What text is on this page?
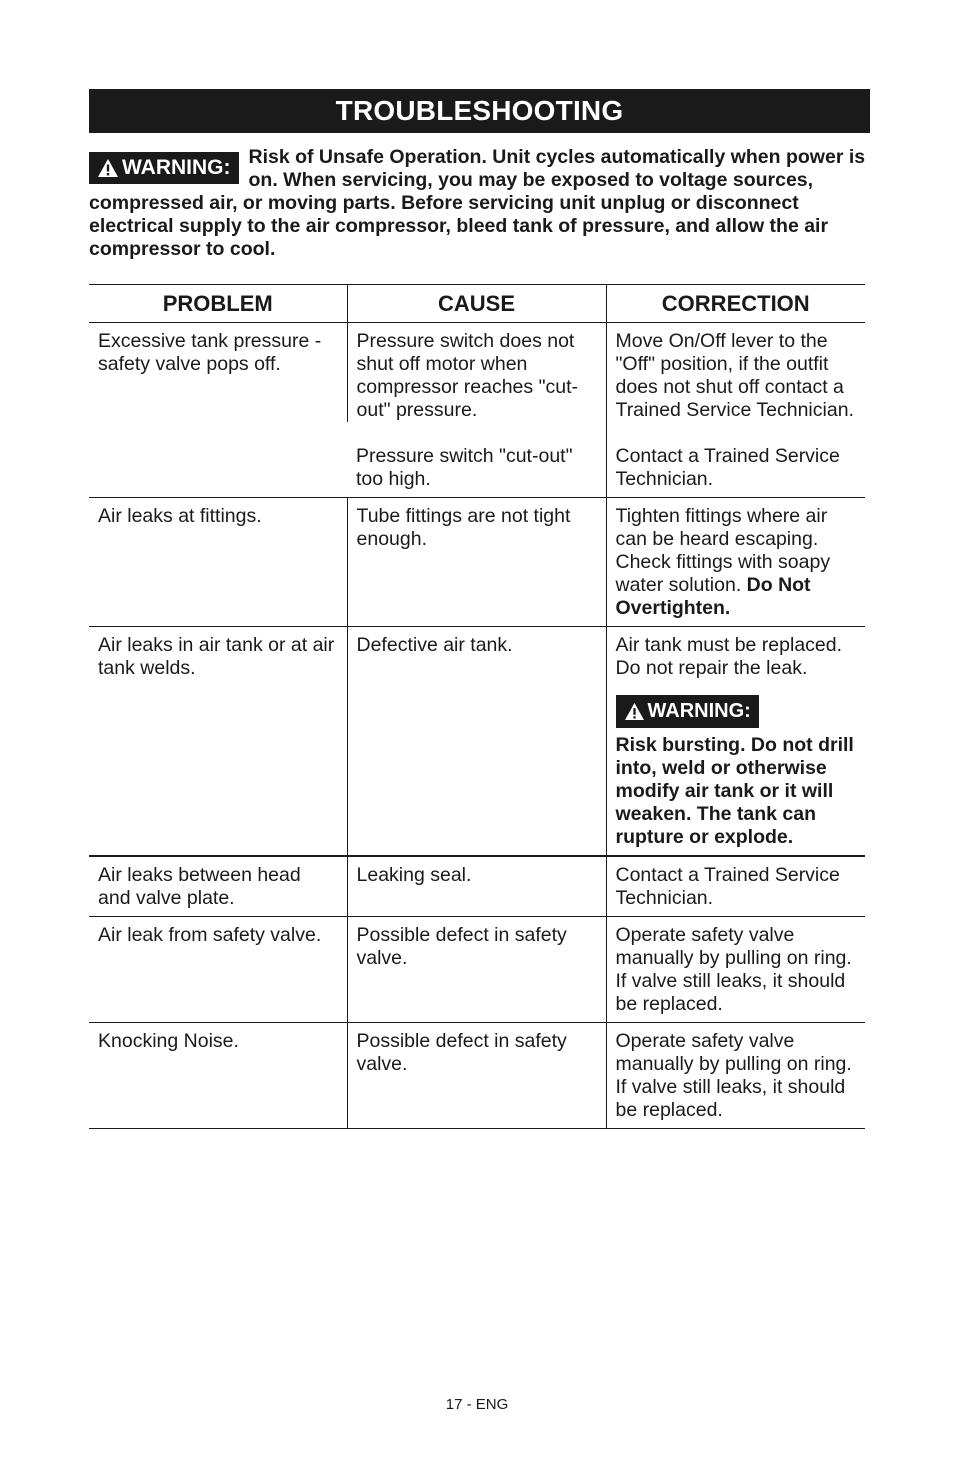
TROUBLESHOOTING
WARNING: Risk of Unsafe Operation. Unit cycles automatically when power is on. When servicing, you may be exposed to voltage sources, compressed air, or moving parts. Before servicing unit unplug or disconnect electrical supply to the air compressor, bleed tank of pressure, and allow the air compressor to cool.
PROBLEM	CAUSE	CORRECTION
Excessive tank pressure - safety valve pops off.	Pressure switch does not shut off motor when compressor reaches "cut-out" pressure.	Move On/Off lever to the "Off" position, if the outfit does not shut off contact a Trained Service Technician.
	Pressure switch "cut-out" too high.	Contact a Trained Service Technician.
Air leaks at fittings.	Tube fittings are not tight enough.	Tighten fittings where air can be heard escaping. Check fittings with soapy water solution. Do Not Overtighten.
Air leaks in air tank or at air tank welds.	Defective air tank.	Air tank must be replaced. Do not repair the leak.
WARNING:
Risk bursting. Do not drill into, weld or otherwise modify air tank or it will weaken. The tank can rupture or explode.

Air leaks between head and valve plate.	Leaking seal.	Contact a Trained Service Technician.
Air leak from safety valve.	Possible defect in safety valve.	Operate safety valve manually by pulling on ring. If valve still leaks, it should be replaced.
Knocking Noise.	Possible defect in safety valve.	Operate safety valve manually by pulling on ring. If valve still leaks, it should be replaced.
17 - ENG
